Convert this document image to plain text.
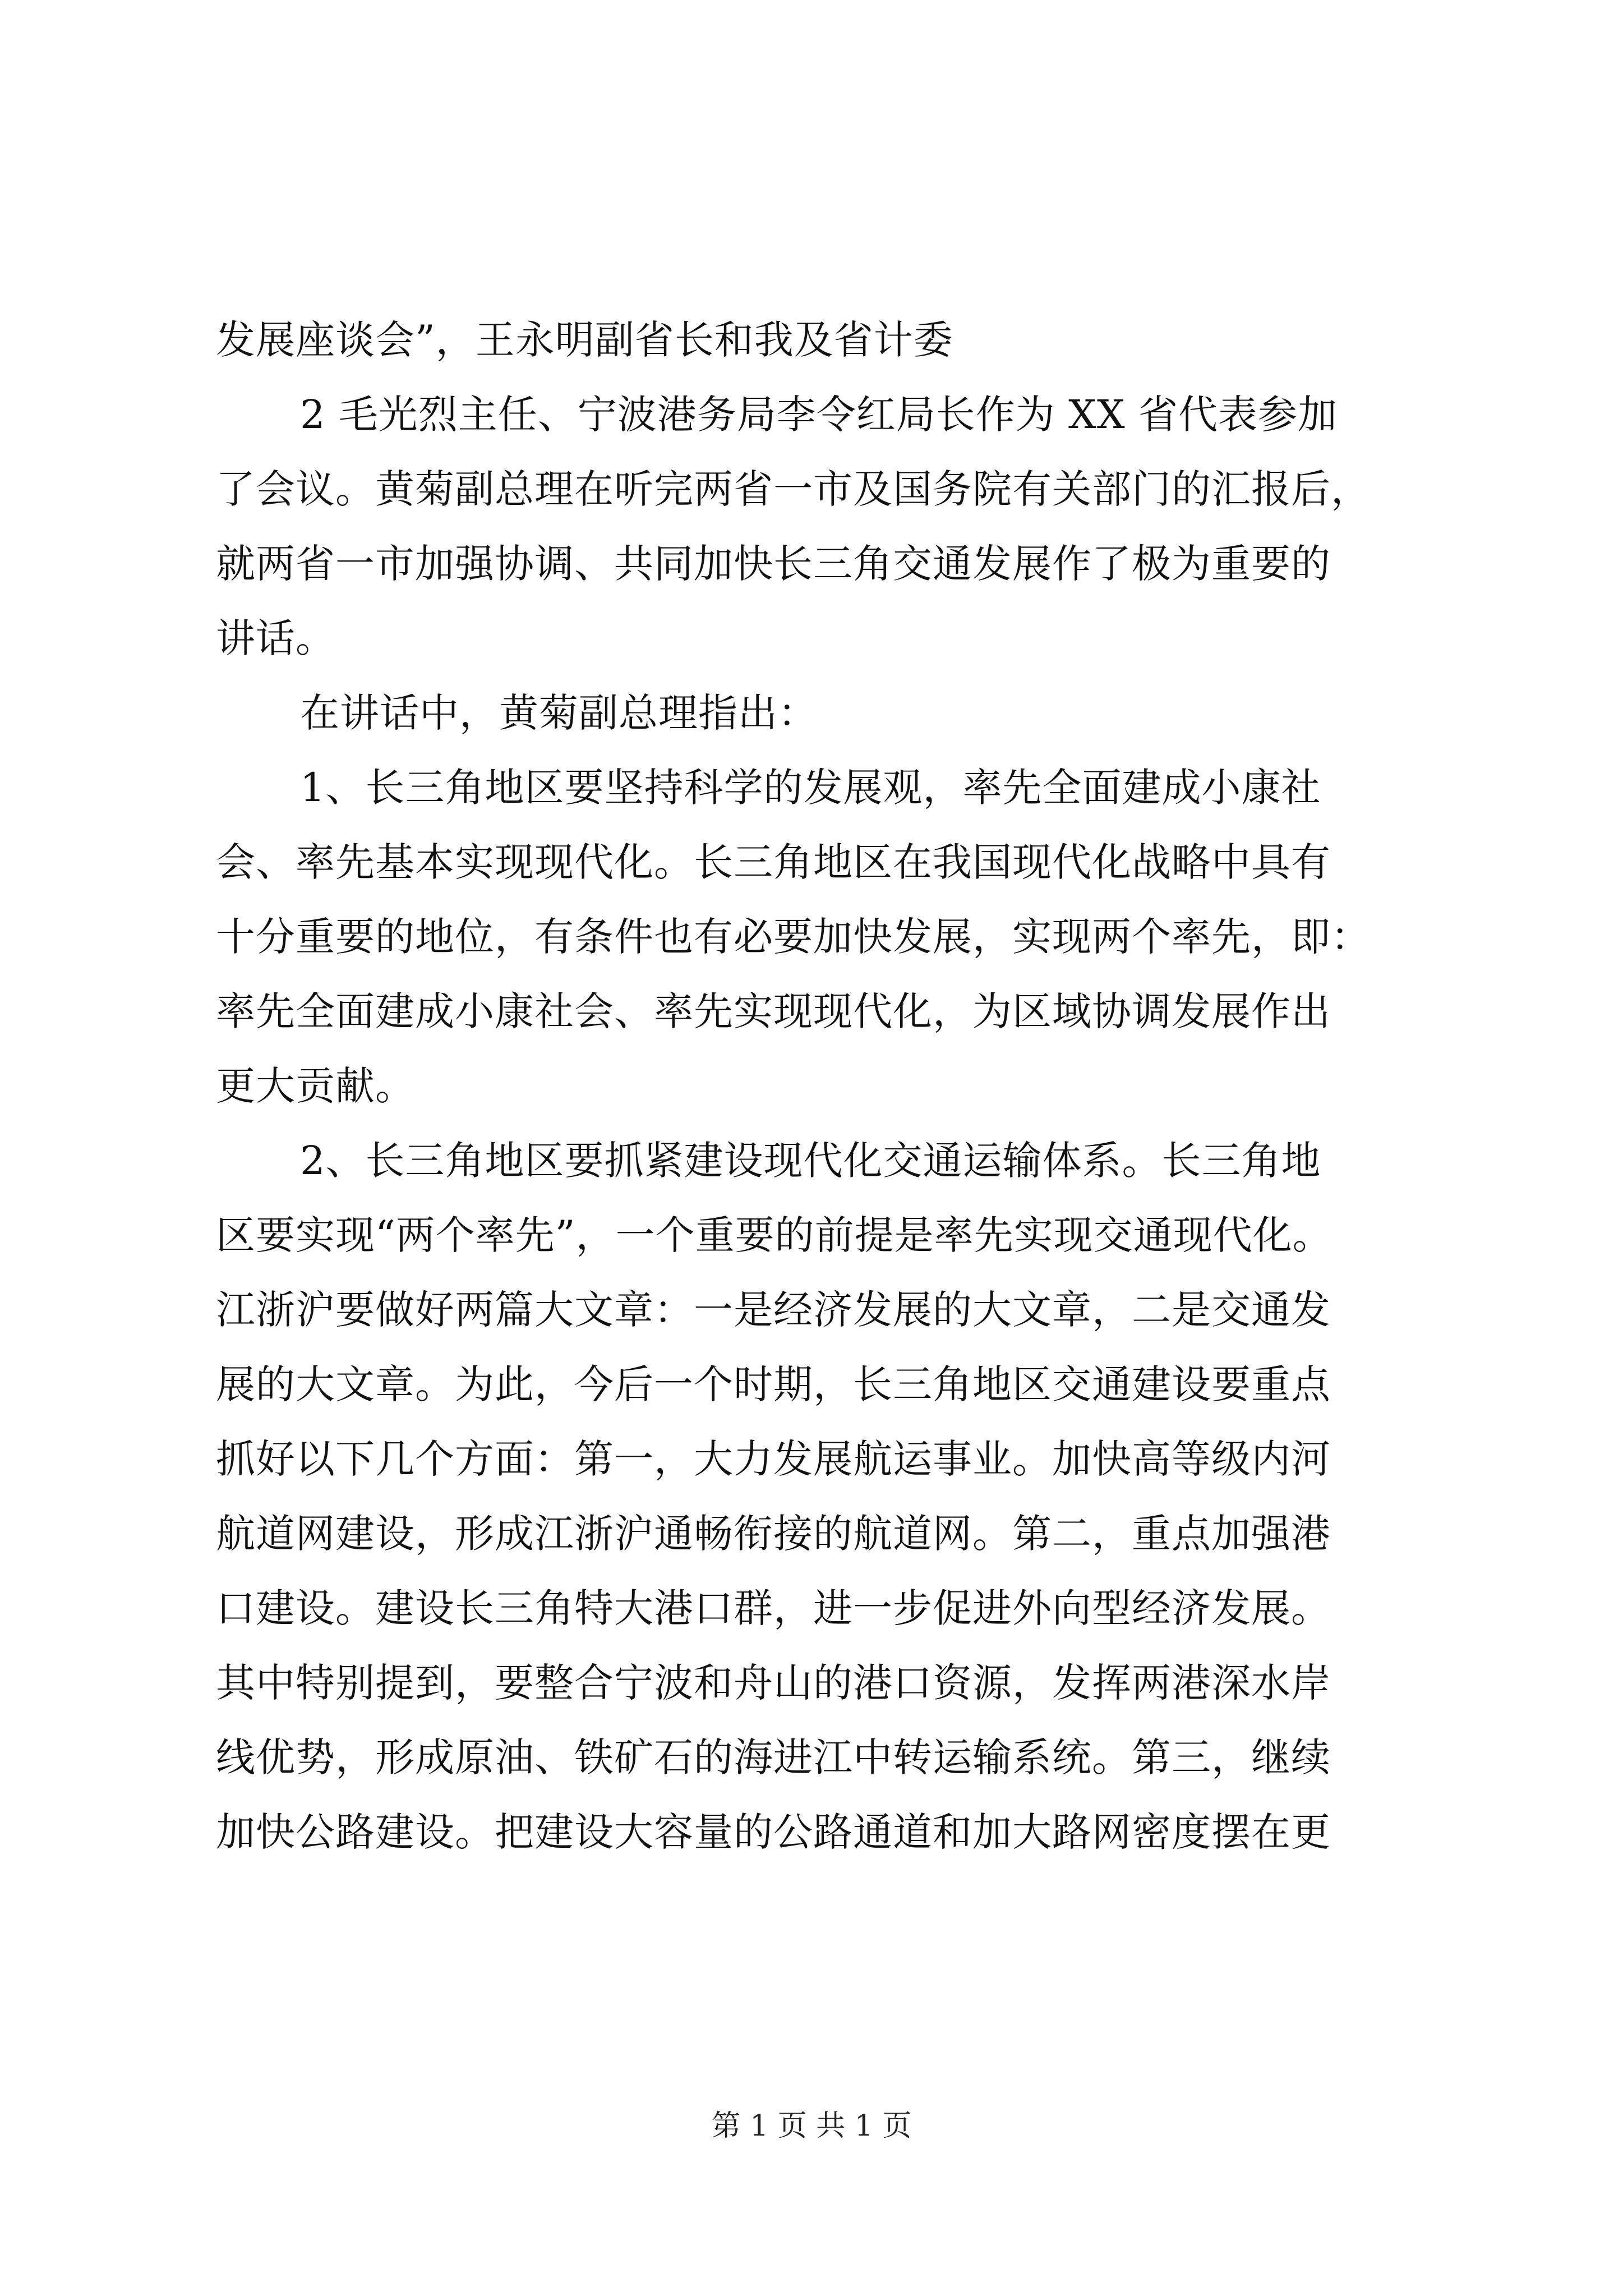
发展座谈会”，王永明副省长和我及省计委
2 毛光烈主任、宁波港务局李令红局长作为 XX 省代表参加
了会议。黄菊副总理在听完两省一市及国务院有关部门的汇报后，
就两省一市加强协调、共同加快长三角交通发展作了极为重要的
讲话。
在讲话中，黄菊副总理指出：
1、长三角地区要坚持科学的发展观，率先全面建成小康社
会、率先基本实现现代化。长三角地区在我国现代化战略中具有
十分重要的地位，有条件也有必要加快发展，实现两个率先，即：
率先全面建成小康社会、率先实现现代化，为区域协调发展作出
更大贡献。
2、长三角地区要抓紧建设现代化交通运输体系。长三角地
区要实现“两个率先”，一个重要的前提是率先实现交通现代化。
江浙沪要做好两篇大文章：一是经济发展的大文章，二是交通发
展的大文章。为此，今后一个时期，长三角地区交通建设要重点
抓好以下几个方面：第一，大力发展航运事业。加快高等级内河
航道网建设，形成江浙沪通畅衔接的航道网。第二，重点加强港
口建设。建设长三角特大港口群，进一步促进外向型经济发展。
其中特别提到，要整合宁波和舟山的港口资源，发挥两港深水岸
线优势，形成原油、铁矿石的海进江中转运输系统。第三，继续
加快公路建设。把建设大容量的公路通道和加大路网密度摆在更
第 1 页 共 1 页
